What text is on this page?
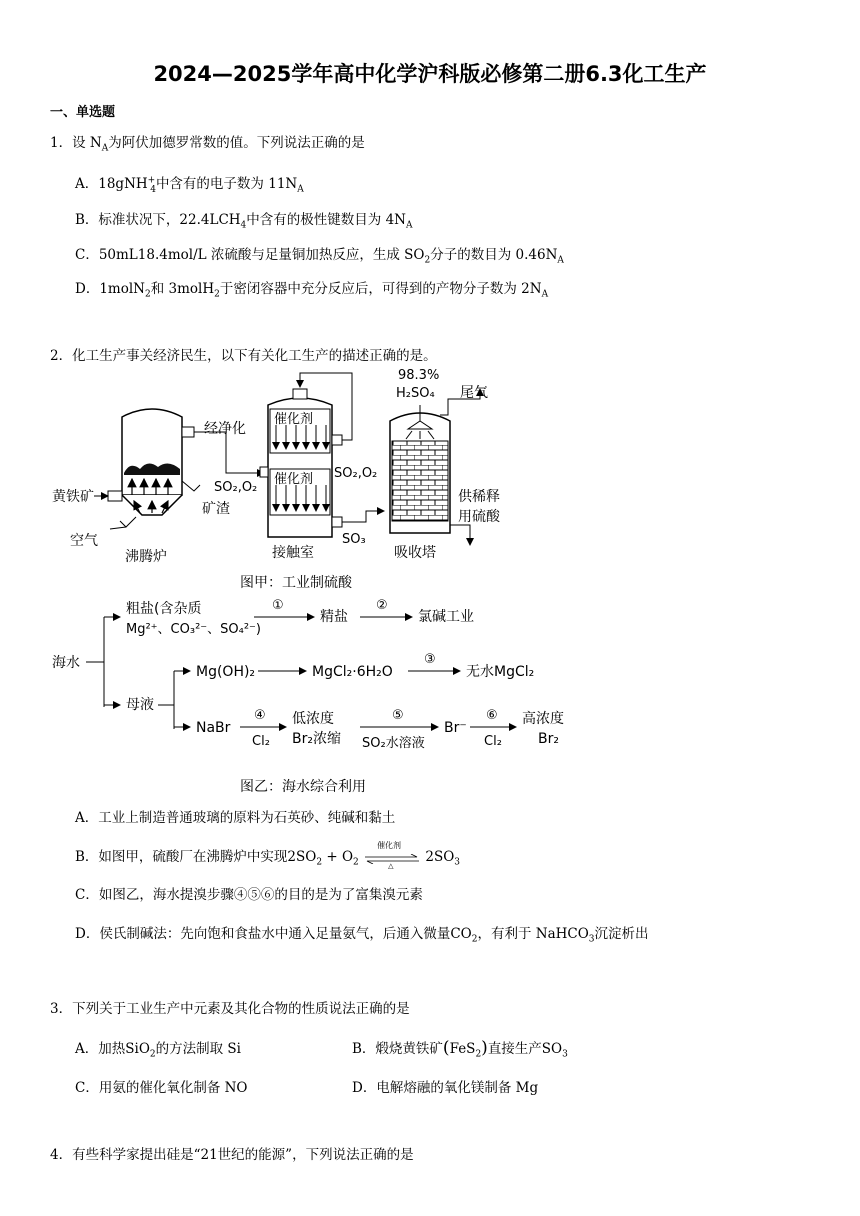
2024—2025学年高中化学沪科版必修第二册6.3化工生产
一、单选题
1．设 $N_A$为阿伏加德罗常数的值。下列说法正确的是
A．18gNH+$_4$中含有的电子数为 $11N_A$
B．标准状况下，$22.4LCH_4$中含有的极性键数目为 $4N_A$
C．50mL18.4mol/L 浓硫酸与足量铜加热反应，生成 $SO_2$分子的数目为 $0.46N_A$
D．1molN$_2$和 3molH$_2$于密闭容器中充分反应后，可得到的产物分子数为 $2N_A$
2．化工生产事关经济民生，以下有关化工生产的描述正确的是。
黄铁矿
空气
沸腾炉
矿渣
SO₂,O₂
经净化
催化剂
催化剂 SO₂,O₂
SO₃
接触室
98.3%
H₂SO₄ 尾气
供稀释
用硫酸
吸收塔
图甲：工业制硫酸
海水
粗盐(含杂质
Mg²⁺、CO₃²⁻、SO₄²⁻)
①
精盐
②
氯碱工业
母液
Mg(OH)₂	MgCl₂·6H₂O
③
无水MgCl₂
NaBr
④
Cl₂
低浓度
Br₂浓缩
⑤
SO₂水溶液
Br⁻
⑥
Cl₂
高浓度
Br₂
图乙：海水综合利用
A．工业上制造普通玻璃的原料为石英砂、纯碱和黏土
B．如图甲，硫酸厂在沸腾炉中实现$2SO_2 + O_2$
催化剂
△
$2SO_3$
C．如图乙，海水提溴步骤④⑤⑥的目的是为了富集溴元素
D．侯氏制碱法：先向饱和食盐水中通入足量氨气，后通入微量$CO_2$，有利于 NaHCO$_3$沉淀析出
3．下列关于工业生产中元素及其化合物的性质说法正确的是
A．加热SiO$_2$的方法制取 Si	B．煅烧黄铁矿(FeS$_2$)直接生产$SO_3$
C．用氨的催化氧化制备 NO	D．电解熔融的氧化镁制备 Mg
4．有些科学家提出硅是“21世纪的能源”，下列说法正确的是
